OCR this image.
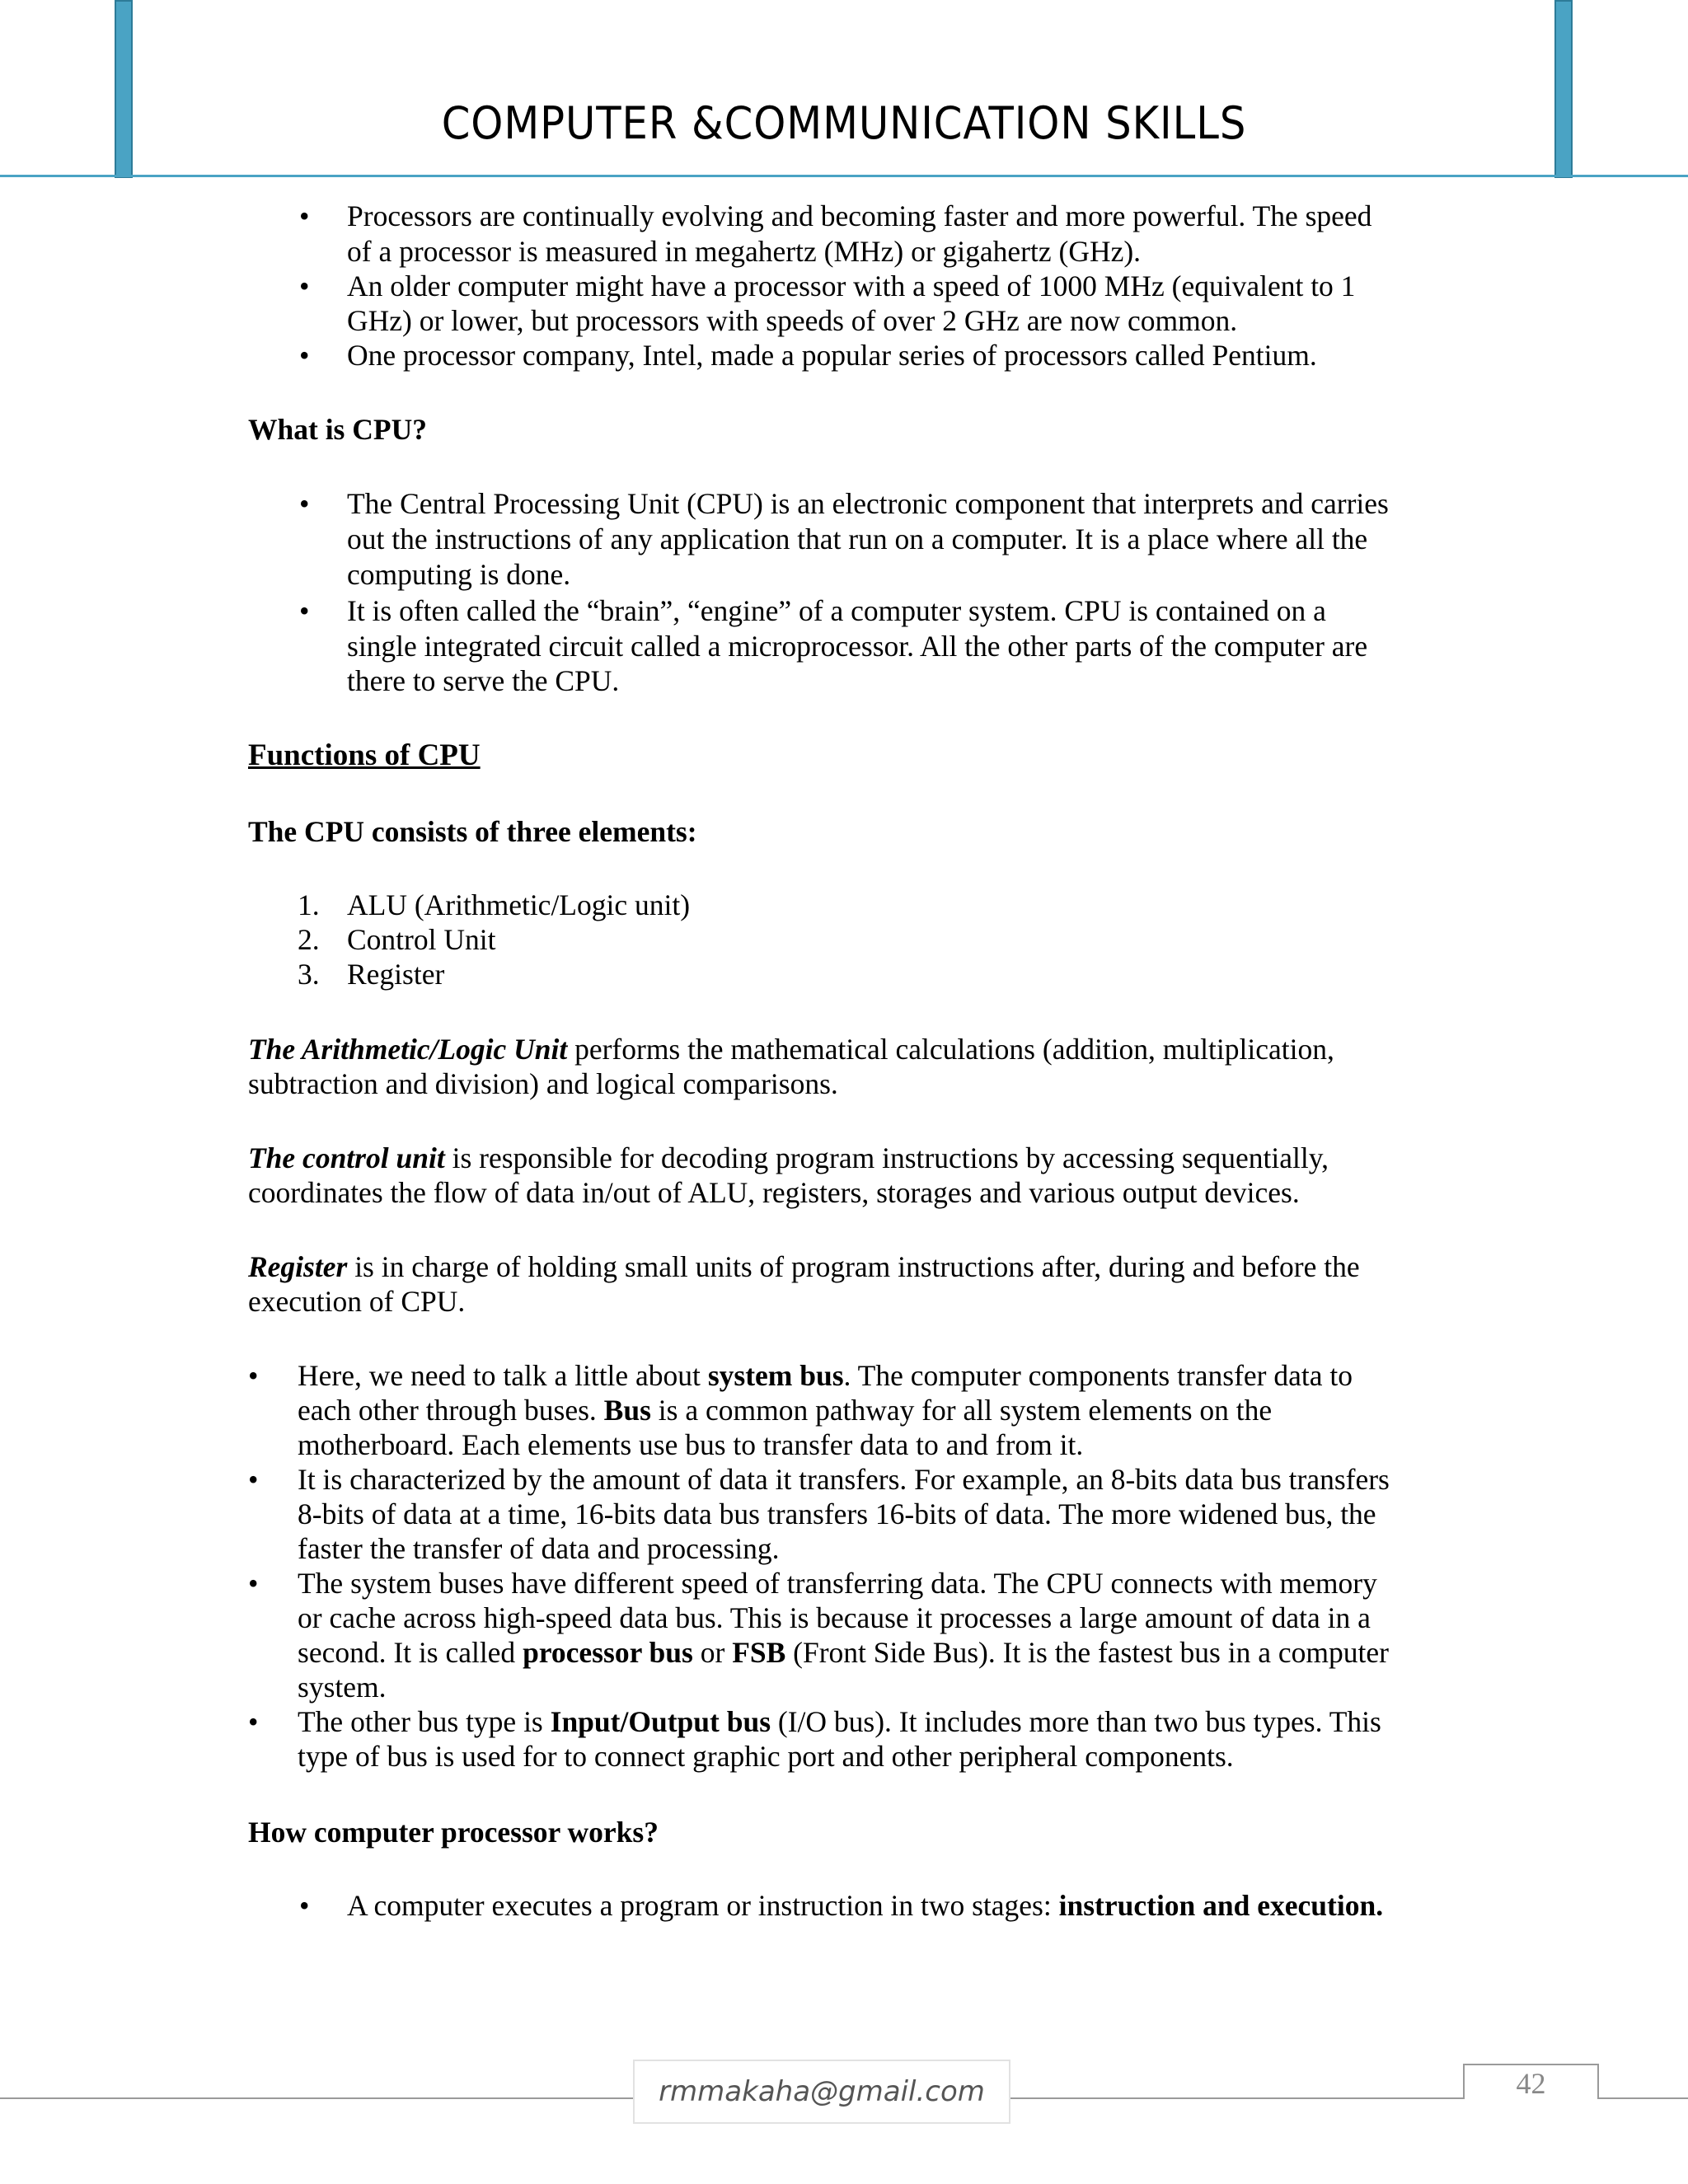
COMPUTER &COMMUNICATION SKILLS
•	Processors are continually evolving and becoming faster and more powerful. The speed
of a processor is measured in megahertz (MHz) or gigahertz (GHz).
•	An older computer might have a processor with a speed of 1000 MHz (equivalent to 1
GHz) or lower, but processors with speeds of over 2 GHz are now common.
•	One processor company, Intel, made a popular series of processors called Pentium.
What is CPU?
•	The Central Processing Unit (CPU) is an electronic component that interprets and carries
out the instructions of any application that run on a computer. It is a place where all the
computing is done.
•	It is often called the “brain”, “engine” of a computer system. CPU is contained on a
single integrated circuit called a microprocessor. All the other parts of the computer are
there to serve the CPU.
Functions of CPU
The CPU consists of three elements:
1. ALU (Arithmetic/Logic unit)
2. Control Unit
3. Register
The Arithmetic/Logic Unit performs the mathematical calculations (addition, multiplication,
subtraction and division) and logical comparisons.
The control unit is responsible for decoding program instructions by accessing sequentially,
coordinates the flow of data in/out of ALU, registers, storages and various output devices.
Register is in charge of holding small units of program instructions after, during and before the
execution of CPU.
•	Here, we need to talk a little about system bus. The computer components transfer data to
each other through buses. Bus is a common pathway for all system elements on the
motherboard. Each elements use bus to transfer data to and from it.
•	It is characterized by the amount of data it transfers. For example, an 8-bits data bus transfers
8-bits of data at a time, 16-bits data bus transfers 16-bits of data. The more widened bus, the
faster the transfer of data and processing.
•	The system buses have different speed of transferring data. The CPU connects with memory
or cache across high-speed data bus. This is because it processes a large amount of data in a
second. It is called processor bus or FSB (Front Side Bus). It is the fastest bus in a computer
system.
•	The other bus type is Input/Output bus (I/O bus). It includes more than two bus types. This
type of bus is used for to connect graphic port and other peripheral components.
How computer processor works?
•	A computer executes a program or instruction in two stages: instruction and execution.
rmmakaha@gmail.com	42
